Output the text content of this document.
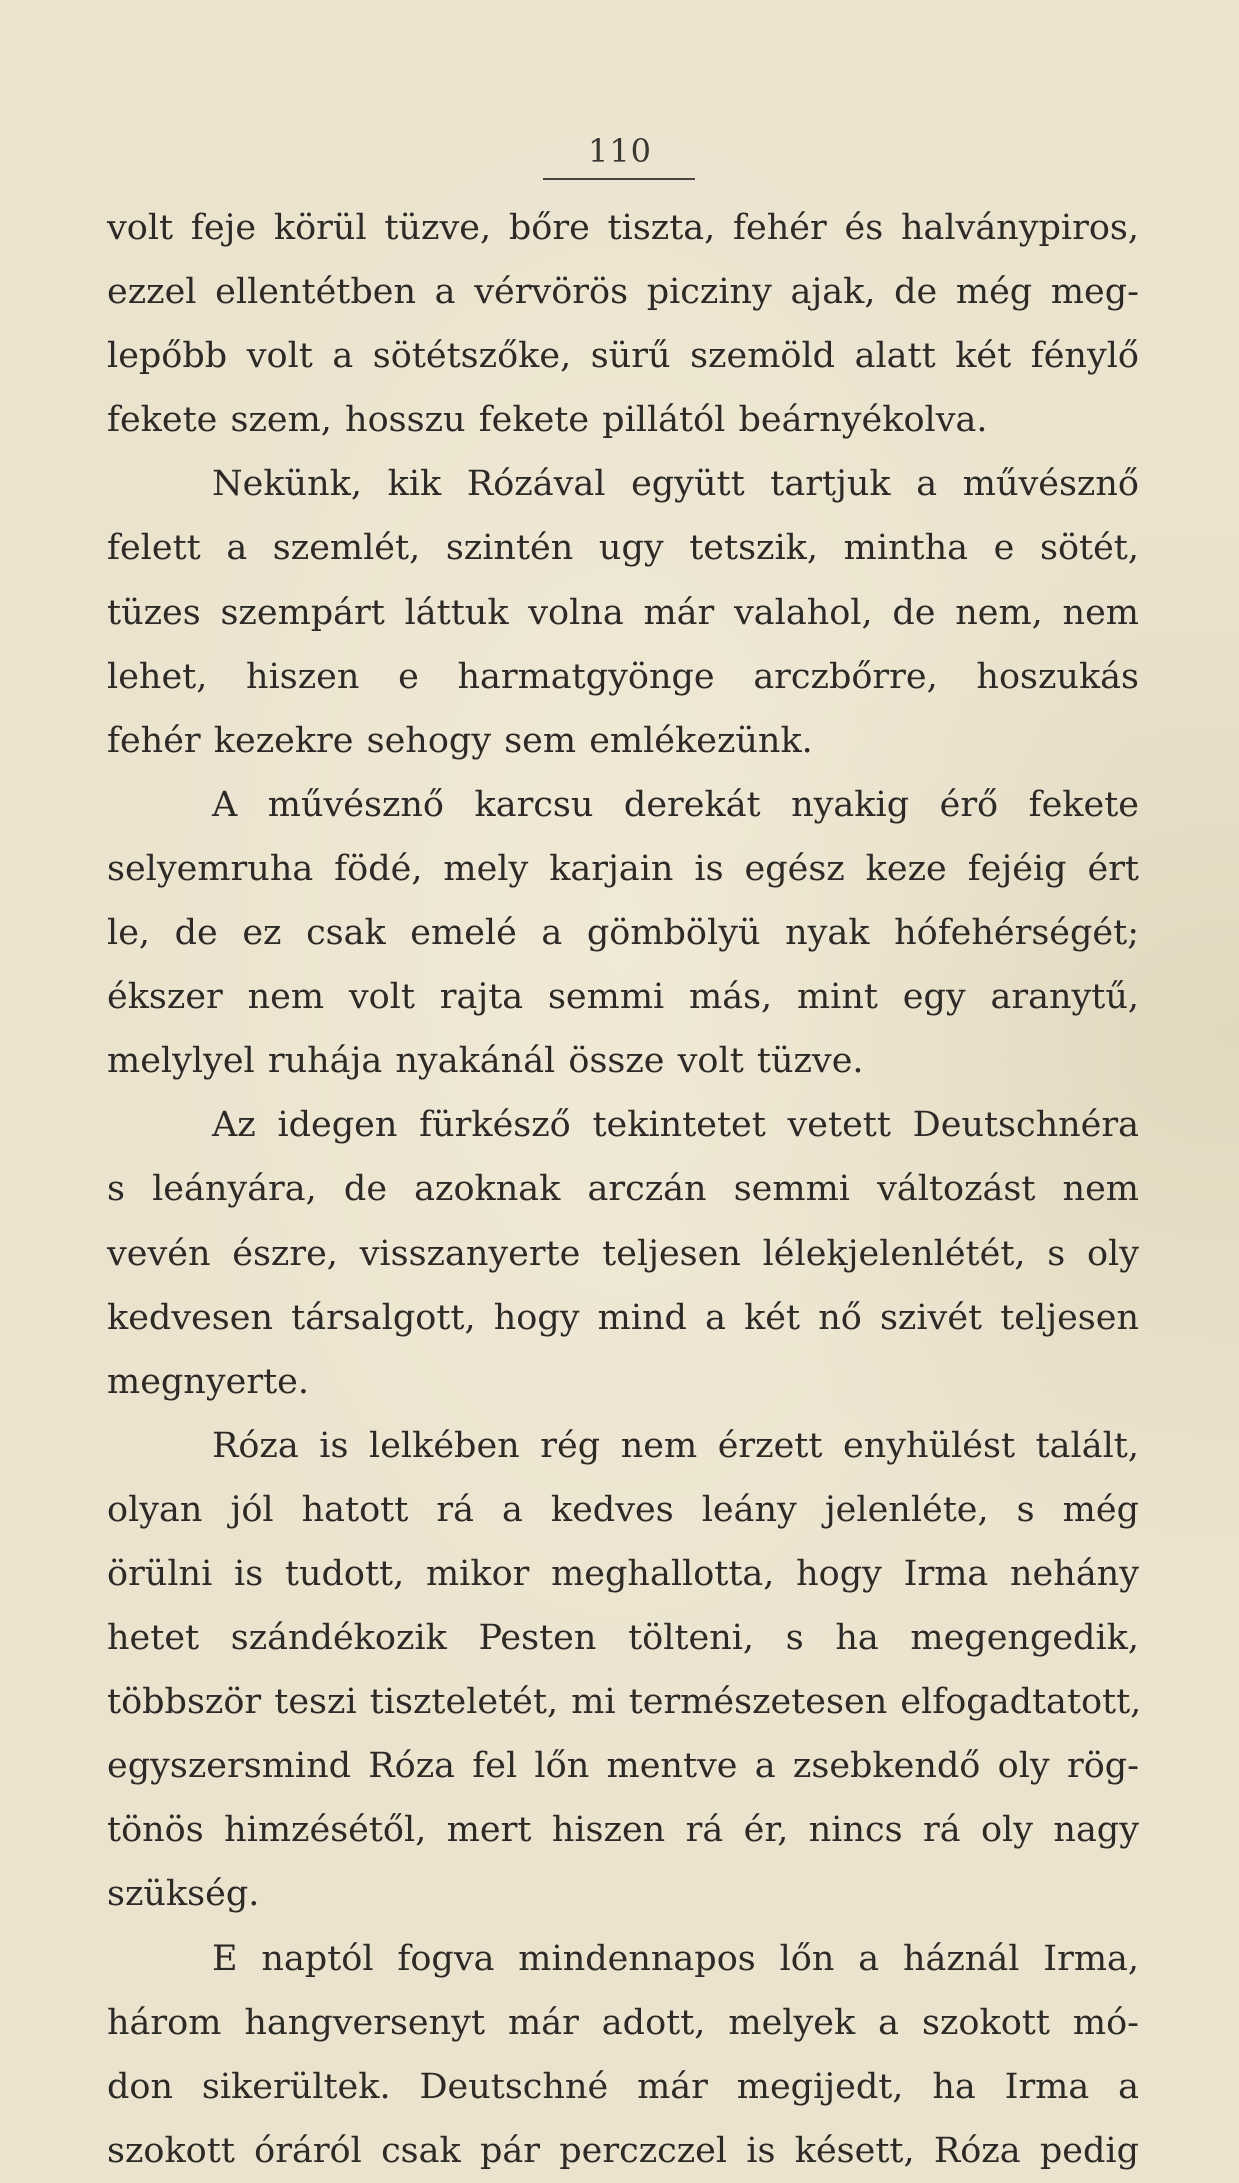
110
volt feje körül tüzve, bőre tiszta, fehér és halványpiros,
ezzel ellentétben a vérvörös picziny ajak, de még meg-
lepőbb volt a sötétszőke, sürű szemöld alatt két fénylő
fekete szem, hosszu fekete pillától beárnyékolva.
Nekünk, kik Rózával együtt tartjuk a művésznő
felett a szemlét, szintén ugy tetszik, mintha e sötét,
tüzes szempárt láttuk volna már valahol, de nem, nem
lehet, hiszen e harmatgyönge arczbőrre, hoszukás
fehér kezekre sehogy sem emlékezünk.
A művésznő karcsu derekát nyakig érő fekete
selyemruha födé, mely karjain is egész keze fejéig ért
le, de ez csak emelé a gömbölyü nyak hófehérségét;
ékszer nem volt rajta semmi más, mint egy aranytű,
melylyel ruhája nyakánál össze volt tüzve.
Az idegen fürkésző tekintetet vetett Deutschnéra
s leányára, de azoknak arczán semmi változást nem
vevén észre, visszanyerte teljesen lélekjelenlétét, s oly
kedvesen társalgott, hogy mind a két nő szivét teljesen
megnyerte.
Róza is lelkében rég nem érzett enyhülést talált,
olyan jól hatott rá a kedves leány jelenléte, s még
örülni is tudott, mikor meghallotta, hogy Irma nehány
hetet szándékozik Pesten tölteni, s ha megengedik,
többször teszi tiszteletét, mi természetesen elfogadtatott,
egyszersmind Róza fel lőn mentve a zsebkendő oly rög-
tönös himzésétől, mert hiszen rá ér, nincs rá oly nagy
szükség.
E naptól fogva mindennapos lőn a háznál Irma,
három hangversenyt már adott, melyek a szokott mó-
don sikerültek. Deutschné már megijedt, ha Irma a
szokott óráról csak pár perczczel is késett, Róza pedig
